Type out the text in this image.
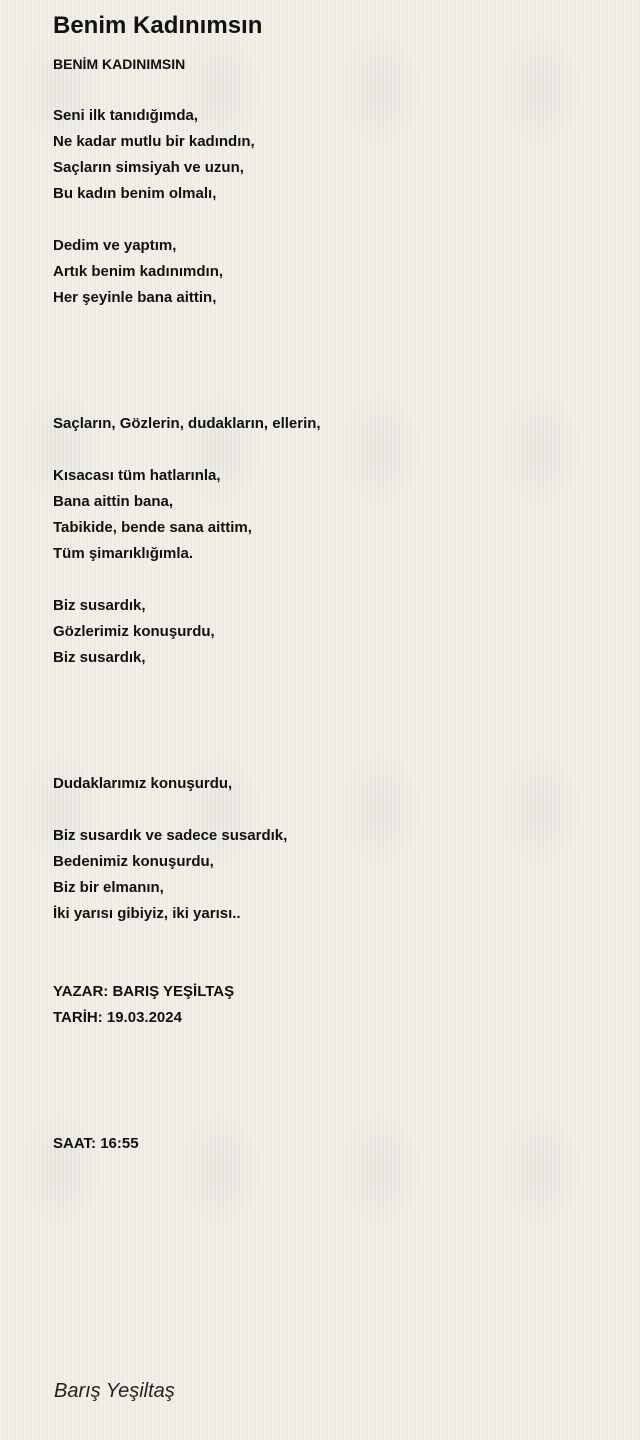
Benim Kadınımsın

BENİM KADINIMSIN

Seni ilk tanıdığımda,

Ne kadar mutlu bir kadındın,

Saçların simsiyah ve uzun,

Bu kadın benim olmalı,

Dedim ve yaptım,

Artık benim kadınımdın,

Her şeyinle bana aittin,

Saçların, Gözlerin, dudakların, ellerin,

Kısacası tüm hatlarınla,

Bana aittin bana,

Tabikide, bende sana aittim,

Tüm şimarıklığımla.

Biz susardık,

Gözlerimiz konuşurdu,

Biz susardık,

Dudaklarımız konuşurdu,

Biz susardık ve sadece susardık,

Bedenimiz konuşurdu,

Biz bir elmanın,

İki yarısı gibiyiz, iki yarısı..

YAZAR: BARIŞ YEŞİLTAŞ

TARİH: 19.03.2024

SAAT: 16:55

Barış Yeşiltaş
